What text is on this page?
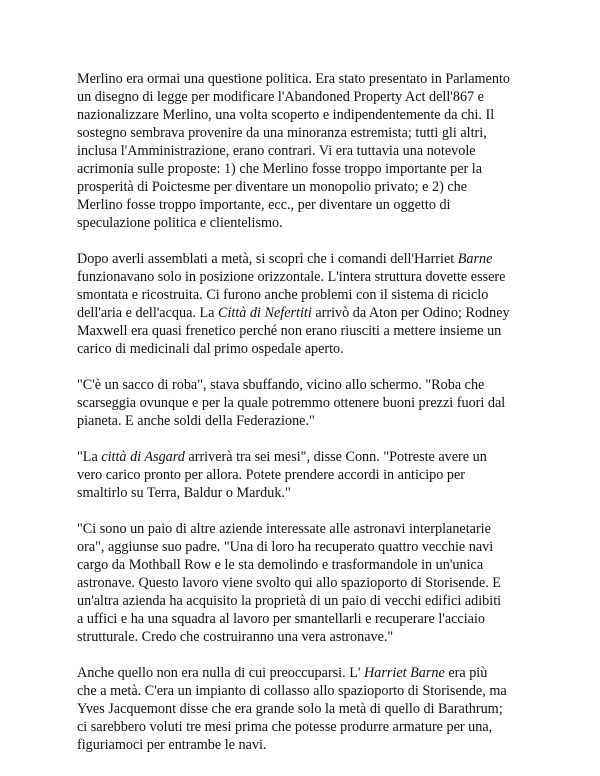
Merlino era ormai una questione politica. Era stato presentato in Parlamento
un disegno di legge per modificare l'Abandoned Property Act dell'867 e
nazionalizzare Merlino, una volta scoperto e indipendentemente da chi. Il
sostegno sembrava provenire da una minoranza estremista; tutti gli altri,
inclusa l'Amministrazione, erano contrari. Vi era tuttavia una notevole
acrimonia sulle proposte: 1) che Merlino fosse troppo importante per la
prosperità di Poictesme per diventare un monopolio privato; e 2) che
Merlino fosse troppo importante, ecc., per diventare un oggetto di
speculazione politica e clientelismo.

Dopo averli assemblati a metà, si scoprì che i comandi dell'Harriet Barne
funzionavano solo in posizione orizzontale. L'intera struttura dovette essere
smontata e ricostruita. Ci furono anche problemi con il sistema di riciclo
dell'aria e dell'acqua. La Città di Nefertiti arrivò da Aton per Odino; Rodney
Maxwell era quasi frenetico perché non erano riusciti a mettere insieme un
carico di medicinali dal primo ospedale aperto.

"C'è un sacco di roba", stava sbuffando, vicino allo schermo. "Roba che
scarseggia ovunque e per la quale potremmo ottenere buoni prezzi fuori dal
pianeta. E anche soldi della Federazione."

"La città di Asgard arriverà tra sei mesi", disse Conn. "Potreste avere un
vero carico pronto per allora. Potete prendere accordi in anticipo per
smaltirlo su Terra, Baldur o Marduk."

"Ci sono un paio di altre aziende interessate alle astronavi interplanetarie
ora", aggiunse suo padre. "Una di loro ha recuperato quattro vecchie navi
cargo da Mothball Row e le sta demolindo e trasformandole in un'unica
astronave. Questo lavoro viene svolto qui allo spazioporto di Storisende. E
un'altra azienda ha acquisito la proprietà di un paio di vecchi edifici adibiti
a uffici e ha una squadra al lavoro per smantellarli e recuperare l'acciaio
strutturale. Credo che costruiranno una vera astronave."

Anche quello non era nulla di cui preoccuparsi. L' Harriet Barne era più
che a metà. C'era un impianto di collasso allo spazioporto di Storisende, ma
Yves Jacquemont disse che era grande solo la metà di quello di Barathrum;
ci sarebbero voluti tre mesi prima che potesse produrre armature per una,
figuriamoci per entrambe le navi.
